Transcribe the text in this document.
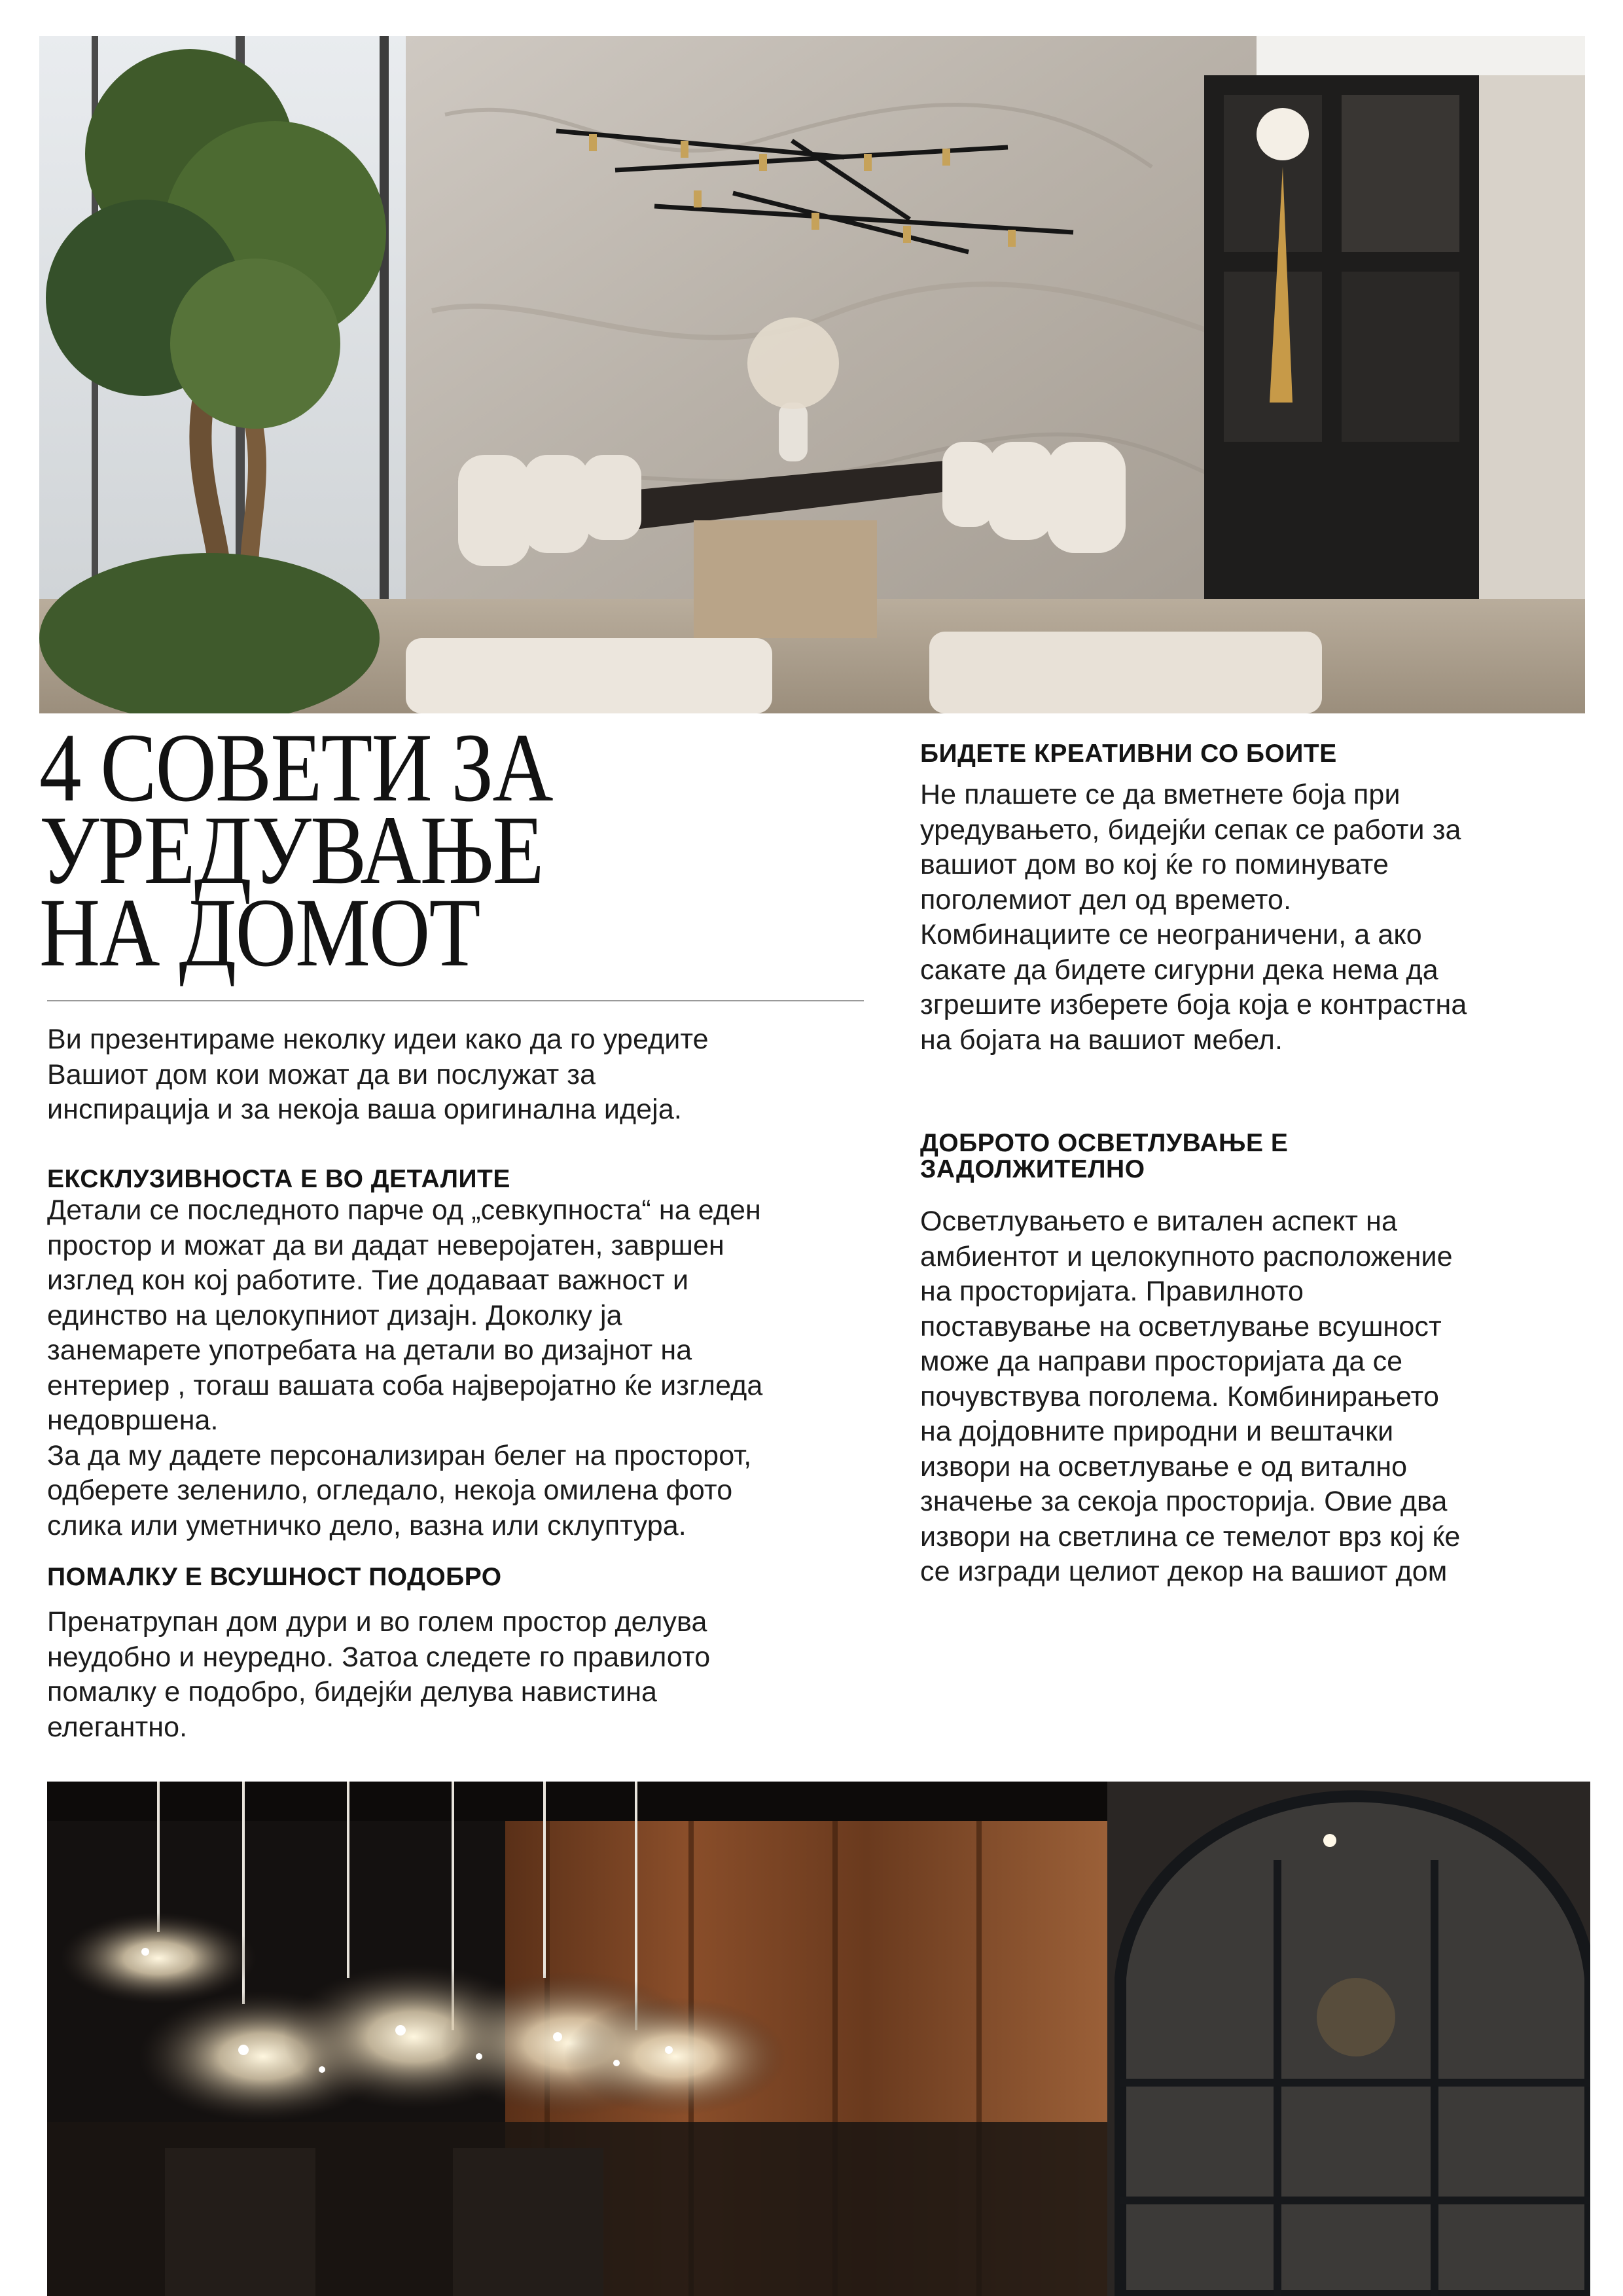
4 СОВЕТИ ЗА
УРЕДУВАЊЕ
НА ДОМОТ
Ви презентираме неколку идеи како да го уредите
Вашиот дом кои можат да ви послужат за
инспирација и за некоја ваша оригинална идеја.
ЕКСКЛУЗИВНОСТА Е ВО ДЕТАЛИТЕ
Детали се последното парче од „севкупноста“ на еден
простор и можат да ви дадат неверојатен, завршен
изглед кон кој работите. Тие додаваат важност и
единство на целокупниот дизајн. Доколку ја
занемарете употребата на детали во дизајнот на
ентериер , тогаш вашата соба најверојатно ќе изгледа
недовршена.
За да му дадете персонализиран белег на просторот,
одберете зеленило, огледало, некоја омилена фото
слика или уметничко дело, вазна или склуптура.
ПОМАЛКУ Е ВСУШНОСТ ПОДОБРО
Пренатрупан дом дури и во голем простор делува
неудобно и неуредно. Затоа следете го правилото
помалку е подобро, бидејќи делува навистина
елегантно.
БИДЕТЕ КРЕАТИВНИ СО БОИТЕ
Не плашете се да вметнете боја при
уредувањето, бидејќи сепак се работи за
вашиот дом во кој ќе го поминувате
поголемиот дел од времето.
Комбинациите се неограничени, а ако
сакате да бидете сигурни дека нема да
згрешите изберете боја која е контрастна
на бојата на вашиот мебел.
ДОБРОТО ОСВЕТЛУВАЊЕ Е
ЗАДОЛЖИТЕЛНО
Осветлувањето е витален аспект на
амбиентот и целокупното расположение
на просторијата. Правилното
поставување на осветлување всушност
може да направи просторијата да се
почувствува поголема. Комбинирањето
на дојдовните природни и вештачки
извори на осветлување е од витално
значење за секоја просторија. Овие два
извори на светлина се темелот врз кој ќе
се изгради целиот декор на вашиот дом
